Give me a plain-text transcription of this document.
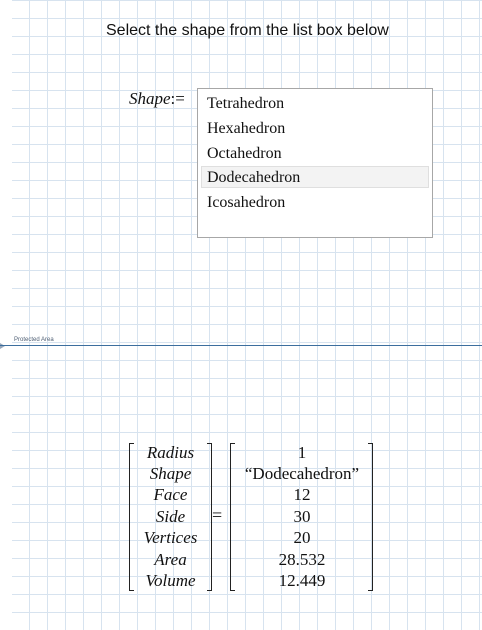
Select the shape from the list box below
Shape:=	Tetrahedron
Hexahedron
Octahedron
Dodecahedron
Icosahedron
Protected Area
Radius
Shape
Face
Side
Vertices
Area
Volume
=
1
“Dodecahedron”
12
30
20
28.532
12.449
